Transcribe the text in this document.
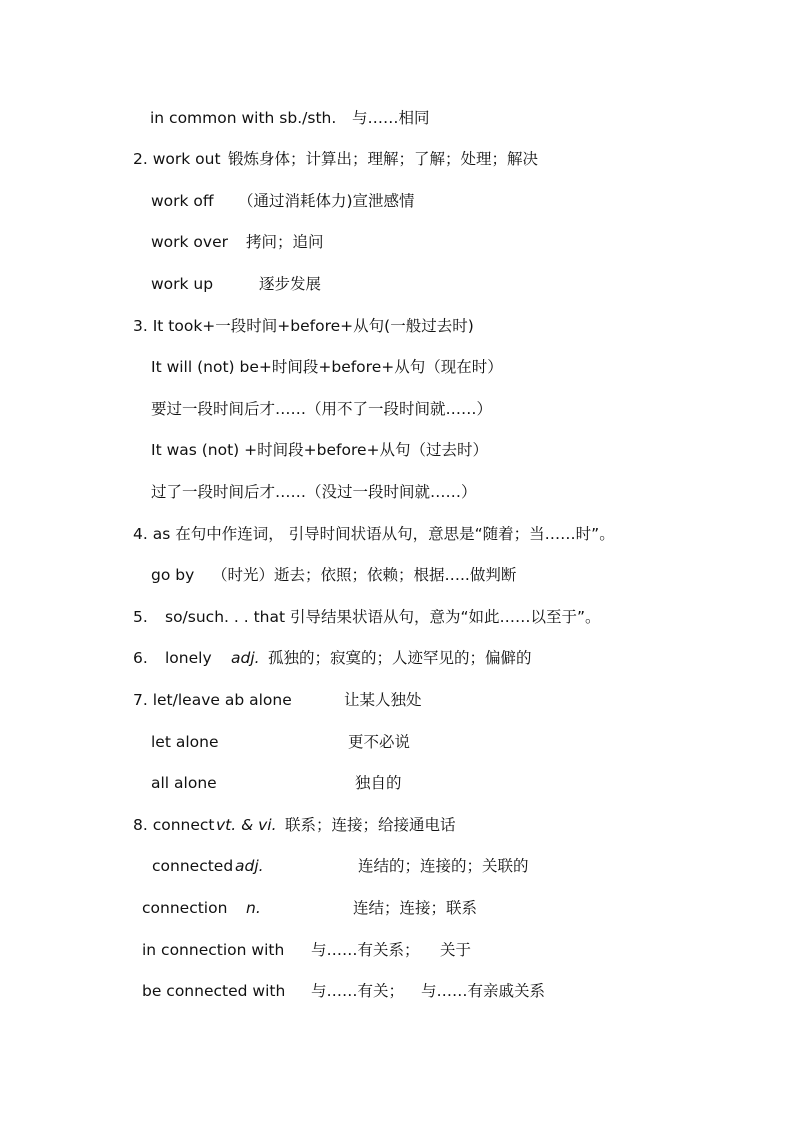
in common with sb./sth. 与……相同
2. work out 锻炼身体；计算出；理解；了解；处理；解决
work off （通过消耗体力)宣泄感情
work over 拷问；追问
work up	逐步发展
3. It took+一段时间+before+从句(一般过去时)
It will (not) be+时间段+before+从句（现在时）
要过一段时间后才……（用不了一段时间就……）
It was (not) +时间段+before+从句（过去时）
过了一段时间后才……（没过一段时间就……）
4. as 在句中作连词， 引导时间状语从句，意思是“随着；当……时”。
go by （时光）逝去；依照；依赖；根据…..做判断
5. so/such. . . that 引导结果状语从句，意为“如此……以至于”。
6. lonely adj. 孤独的；寂寞的；人迹罕见的；偏僻的
7. let/leave ab alone	让某人独处
let alone	更不必说
all alone	独自的
8. connect vt. & vi. 联系；连接；给接通电话
connected adj.	连结的；连接的；关联的
connection n.	连结；连接；联系
in connection with 与……有关系； 关于
be connected with 与……有关； 与……有亲戚关系
